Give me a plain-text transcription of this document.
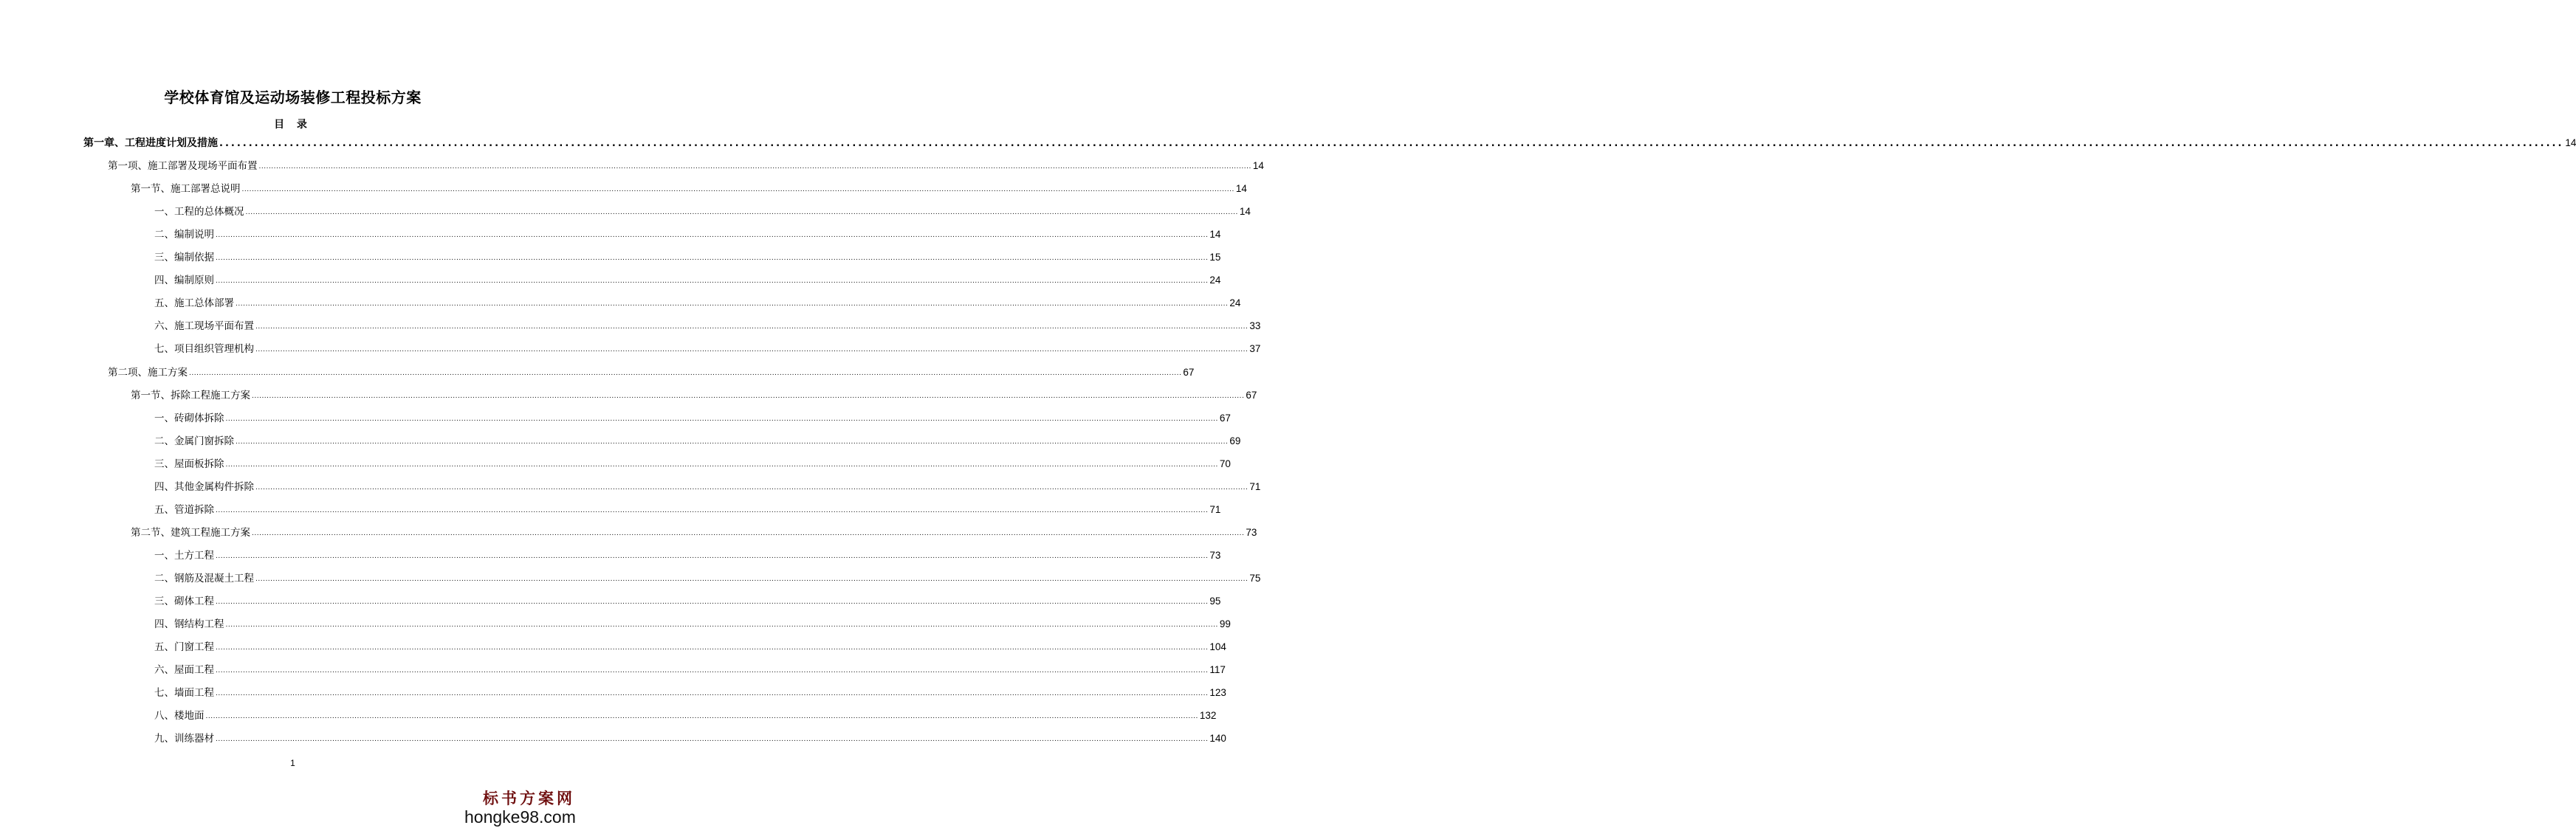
学校体育馆及运动场装修工程投标方案
目 录
第一章、工程进度计划及措施 ................................................................................................................................................................................................................................................................................................................................................................................................................ 14
第一项、施工部署及现场平面布置 ................................................................................................................................................................................................................................................................................................................................................................................................................ 14
第一节、施工部署总说明 ................................................................................................................................................................................................................................................................................................................................................................................................................ 14
一、工程的总体概况 ................................................................................................................................................................................................................................................................................................................................................................................................................ 14
二、编制说明 ................................................................................................................................................................................................................................................................................................................................................................................................................ 14
三、编制依据 ................................................................................................................................................................................................................................................................................................................................................................................................................ 15
四、编制原则 ................................................................................................................................................................................................................................................................................................................................................................................................................ 24
五、施工总体部署 ................................................................................................................................................................................................................................................................................................................................................................................................................ 24
六、施工现场平面布置 ................................................................................................................................................................................................................................................................................................................................................................................................................ 33
七、项目组织管理机构 ................................................................................................................................................................................................................................................................................................................................................................................................................ 37
第二项、施工方案 ................................................................................................................................................................................................................................................................................................................................................................................................................ 67
第一节、拆除工程施工方案 ................................................................................................................................................................................................................................................................................................................................................................................................................ 67
一、砖砌体拆除 ................................................................................................................................................................................................................................................................................................................................................................................................................ 67
二、金属门窗拆除 ................................................................................................................................................................................................................................................................................................................................................................................................................ 69
三、屋面板拆除 ................................................................................................................................................................................................................................................................................................................................................................................................................ 70
四、其他金属构件拆除 ................................................................................................................................................................................................................................................................................................................................................................................................................ 71
五、管道拆除 ................................................................................................................................................................................................................................................................................................................................................................................................................ 71
第二节、建筑工程施工方案 ................................................................................................................................................................................................................................................................................................................................................................................................................ 73
一、土方工程 ................................................................................................................................................................................................................................................................................................................................................................................................................ 73
二、钢筋及混凝土工程 ................................................................................................................................................................................................................................................................................................................................................................................................................ 75
三、砌体工程 ................................................................................................................................................................................................................................................................................................................................................................................................................ 95
四、钢结构工程 ................................................................................................................................................................................................................................................................................................................................................................................................................ 99
五、门窗工程 ................................................................................................................................................................................................................................................................................................................................................................................................................ 104
六、屋面工程 ................................................................................................................................................................................................................................................................................................................................................................................................................ 117
七、墙面工程 ................................................................................................................................................................................................................................................................................................................................................................................................................ 123
八、楼地面 ................................................................................................................................................................................................................................................................................................................................................................................................................ 132
九、训练器材 ................................................................................................................................................................................................................................................................................................................................................................................................................ 140
1
标书方案网
hongke98.com
